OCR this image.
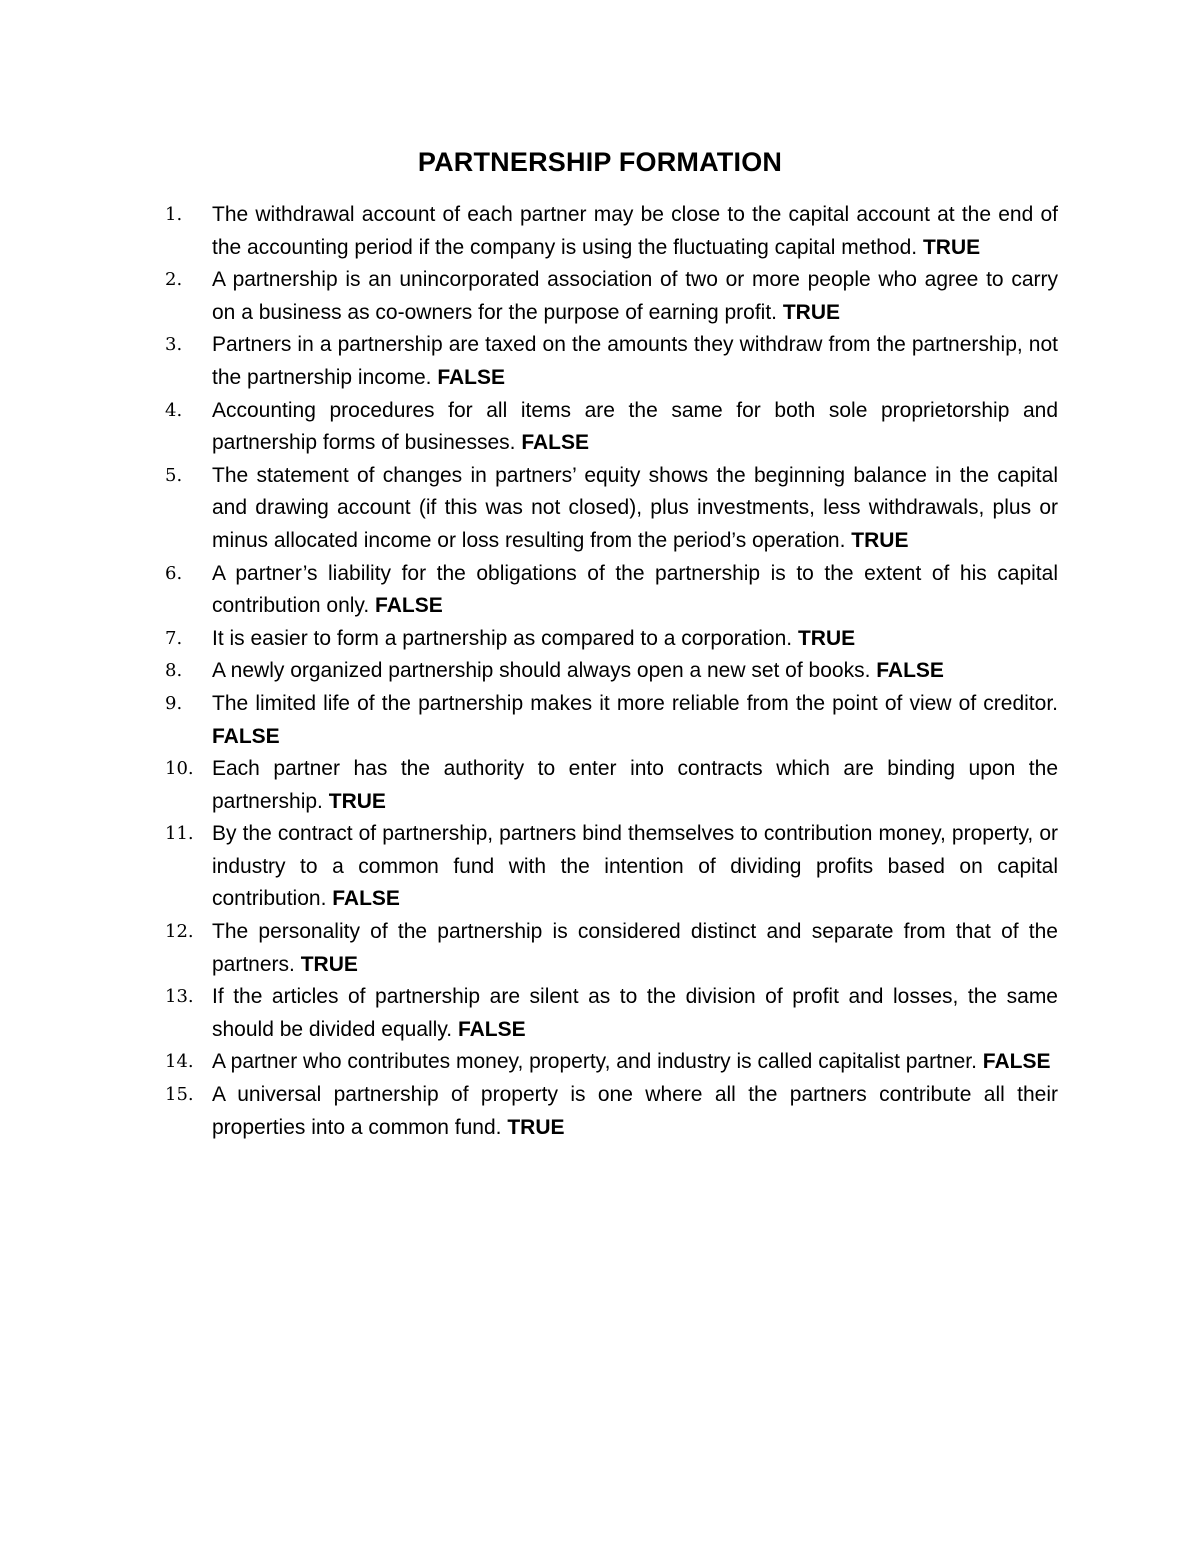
PARTNERSHIP FORMATION
1.	The withdrawal account of each partner may be close to the capital account at the end of the accounting period if the company is using the fluctuating capital method. TRUE
2.	A partnership is an unincorporated association of two or more people who agree to carry on a business as co-owners for the purpose of earning profit. TRUE
3.	Partners in a partnership are taxed on the amounts they withdraw from the partnership, not the partnership income. FALSE
4.	Accounting procedures for all items are the same for both sole proprietorship and partnership forms of businesses. FALSE
5.	The statement of changes in partners’ equity shows the beginning balance in the capital and drawing account (if this was not closed), plus investments, less withdrawals, plus or minus allocated income or loss resulting from the period’s operation. TRUE
6.	A partner’s liability for the obligations of the partnership is to the extent of his capital contribution only. FALSE
7.	It is easier to form a partnership as compared to a corporation. TRUE
8.	A newly organized partnership should always open a new set of books. FALSE
9.	The limited life of the partnership makes it more reliable from the point of view of creditor. FALSE
10. Each partner has the authority to enter into contracts which are binding upon the partnership. TRUE
11. By the contract of partnership, partners bind themselves to contribution money, property, or industry to a common fund with the intention of dividing profits based on capital contribution. FALSE
12. The personality of the partnership is considered distinct and separate from that of the partners. TRUE
13. If the articles of partnership are silent as to the division of profit and losses, the same should be divided equally. FALSE
14. A partner who contributes money, property, and industry is called capitalist partner. FALSE
15. A universal partnership of property is one where all the partners contribute all their properties into a common fund. TRUE
